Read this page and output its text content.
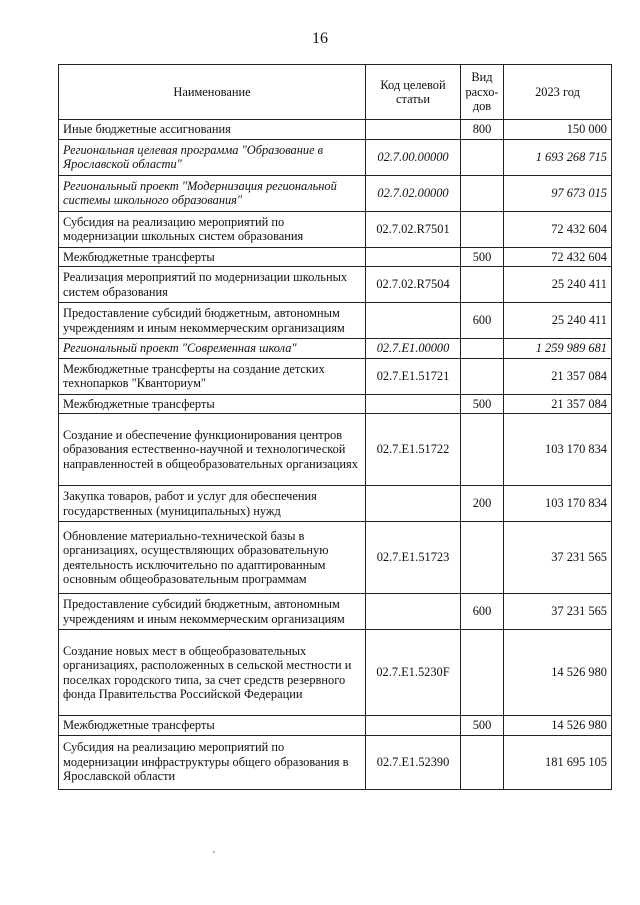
16
Наименование	Код целевой статьи	Вид расхо-дов	2023 год
Иные бюджетные ассигнования		800	150 000
Региональная целевая программа "Образование в Ярославской области"	02.7.00.00000		1 693 268 715
Региональный проект "Модернизация региональной системы школьного образования"	02.7.02.00000		97 673 015
Субсидия на реализацию мероприятий по модернизации школьных систем образования	02.7.02.R7501		72 432 604
Межбюджетные трансферты		500	72 432 604
Реализация мероприятий по модернизации школьных систем образования	02.7.02.R7504		25 240 411
Предоставление субсидий бюджетным, автономным учреждениям и иным некоммерческим организациям		600	25 240 411
Региональный проект "Современная школа"	02.7.E1.00000		1 259 989 681
Межбюджетные трансферты на создание детских технопарков "Кванториум"	02.7.E1.51721		21 357 084
Межбюджетные трансферты		500	21 357 084
Создание и обеспечение функционирования центров образования естественно-научной и технологической направленностей в общеобразовательных организациях	02.7.E1.51722		103 170 834
Закупка товаров, работ и услуг для обеспечения государственных (муниципальных) нужд		200	103 170 834
Обновление материально-технической базы в организациях, осуществляющих образовательную деятельность исключительно по адаптированным основным общеобразовательным программам	02.7.E1.51723		37 231 565
Предоставление субсидий бюджетным, автономным учреждениям и иным некоммерческим организациям		600	37 231 565
Создание новых мест в общеобразовательных организациях, расположенных в сельской местности и поселках городского типа, за счет средств резервного фонда Правительства Российской Федерации	02.7.E1.5230F		14 526 980
Межбюджетные трансферты		500	14 526 980
Субсидия на реализацию мероприятий по модернизации инфраструктуры общего образования в Ярославской области	02.7.E1.52390		181 695 105
